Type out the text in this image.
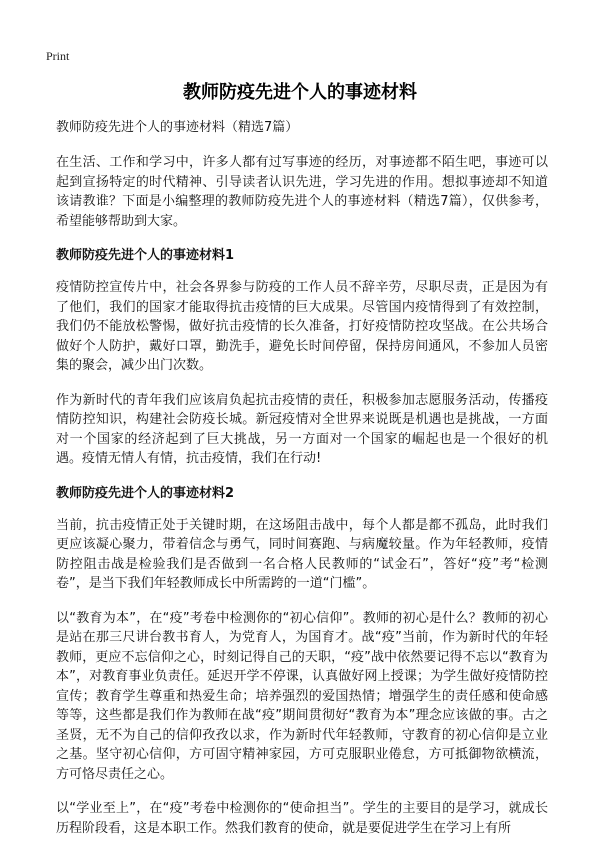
Print
教师防疫先进个人的事迹材料

教师防疫先进个人的事迹材料（精选7篇）

在生活、工作和学习中，许多人都有过写事迹的经历，对事迹都不陌生吧，事迹可以起到宣扬特定的时代精神、引导读者认识先进，学习先进的作用。想拟事迹却不知道该请教谁？下面是小编整理的教师防疫先进个人的事迹材料（精选7篇），仅供参考，希望能够帮助到大家。

教师防疫先进个人的事迹材料1

疫情防控宣传片中，社会各界参与防疫的工作人员不辞辛劳，尽职尽责，正是因为有了他们，我们的国家才能取得抗击疫情的巨大成果。尽管国内疫情得到了有效控制，我们仍不能放松警惕，做好抗击疫情的长久准备，打好疫情防控攻坚战。在公共场合做好个人防护，戴好口罩，勤洗手，避免长时间停留，保持房间通风，不参加人员密集的聚会，减少出门次数。

作为新时代的青年我们应该肩负起抗击疫情的责任，积极参加志愿服务活动，传播疫情防控知识，构建社会防疫长城。新冠疫情对全世界来说既是机遇也是挑战，一方面对一个国家的经济起到了巨大挑战，另一方面对一个国家的崛起也是一个很好的机遇。疫情无情人有情，抗击疫情，我们在行动!

教师防疫先进个人的事迹材料2

当前，抗击疫情正处于关键时期，在这场阻击战中，每个人都是都不孤岛，此时我们更应该凝心聚力，带着信念与勇气，同时间赛跑、与病魔较量。作为年轻教师，疫情防控阻击战是检验我们是否做到一名合格人民教师的“试金石”，答好“疫”考“检测卷”，是当下我们年轻教师成长中所需跨的一道“门槛”。

以“教育为本”，在“疫”考卷中检测你的“初心信仰”。教师的初心是什么？教师的初心是站在那三尺讲台教书育人，为党育人，为国育才。战“疫”当前，作为新时代的年轻教师，更应不忘信仰之心，时刻记得自己的天职，“疫”战中依然要记得不忘以“教育为本”，对教育事业负责任。延迟开学不停课，认真做好网上授课；为学生做好疫情防控宣传；教育学生尊重和热爱生命；培养强烈的爱国热情；增强学生的责任感和使命感等等，这些都是我们作为教师在战“疫”期间贯彻好“教育为本”理念应该做的事。古之圣贤，无不为自己的信仰孜孜以求，作为新时代年轻教师，守教育的初心信仰是立业之基。坚守初心信仰，方可固守精神家园，方可克服职业倦怠，方可抵御物欲横流，方可恪尽责任之心。

以“学业至上”，在“疫”考卷中检测你的“使命担当”。学生的主要目的是学习，就成长历程阶段看，这是本职工作。然我们教育的使命，就是要促进学生在学习上有所
